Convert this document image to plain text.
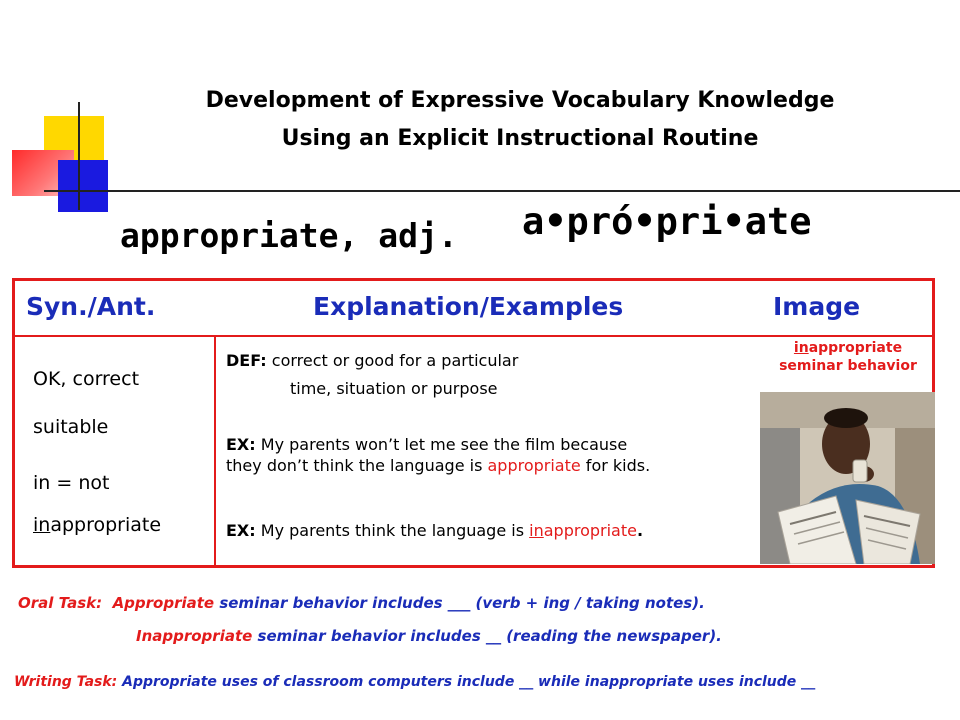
Development of Expressive Vocabulary Knowledge
Using an Explicit Instructional Routine
appropriate, adj. a•pró•pri•ate
Syn./Ant.	Explanation/Examples	Image
OK, correct
suitable
in = not
inappropriate
DEF: correct or good for a particular
time, situation or purpose
EX: My parents won’t let me see the film because
they don’t think the language is appropriate for kids.
EX: My parents think the language is inappropriate.
inappropriate
seminar behavior
Oral Task: Appropriate seminar behavior includes ___ (verb + ing / taking notes).
Inappropriate seminar behavior includes __ (reading the newspaper).
Writing Task: Appropriate uses of classroom computers include __ while inappropriate uses include __
